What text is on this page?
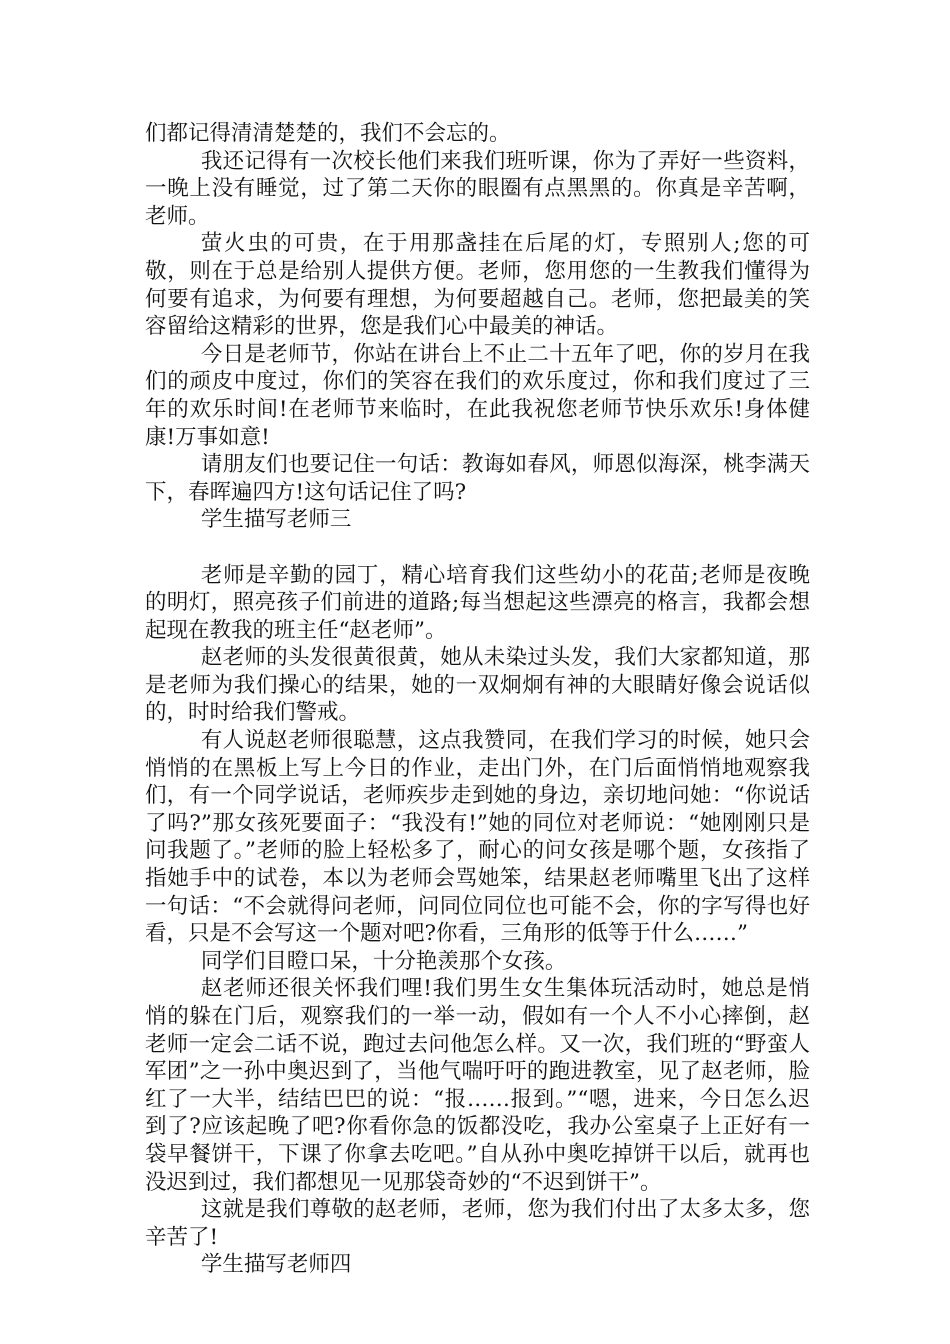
们都记得清清楚楚的，我们不会忘的。

我还记得有一次校长他们来我们班听课，你为了弄好一些资料，一晚上没有睡觉，过了第二天你的眼圈有点黑黑的。你真是辛苦啊，老师。

萤火虫的可贵，在于用那盏挂在后尾的灯，专照别人;您的可敬，则在于总是给别人提供方便。老师，您用您的一生教我们懂得为何要有追求，为何要有理想，为何要超越自己。老师，您把最美的笑容留给这精彩的世界，您是我们心中最美的神话。

今日是老师节，你站在讲台上不止二十五年了吧，你的岁月在我们的顽皮中度过，你们的笑容在我们的欢乐度过，你和我们度过了三年的欢乐时间!在老师节来临时，在此我祝您老师节快乐欢乐!身体健康!万事如意!

请朋友们也要记住一句话：教诲如春风，师恩似海深，桃李满天下，春晖遍四方!这句话记住了吗?

学生描写老师三

老师是辛勤的园丁，精心培育我们这些幼小的花苗;老师是夜晚的明灯，照亮孩子们前进的道路;每当想起这些漂亮的格言，我都会想起现在教我的班主任“赵老师”。

赵老师的头发很黄很黄，她从未染过头发，我们大家都知道，那是老师为我们操心的结果，她的一双炯炯有神的大眼睛好像会说话似的，时时给我们警戒。

有人说赵老师很聪慧，这点我赞同，在我们学习的时候，她只会悄悄的在黑板上写上今日的作业，走出门外，在门后面悄悄地观察我们，有一个同学说话，老师疾步走到她的身边，亲切地问她：“你说话了吗?”那女孩死要面子：“我没有!”她的同位对老师说：“她刚刚只是问我题了。”老师的脸上轻松多了，耐心的问女孩是哪个题，女孩指了指她手中的试卷，本以为老师会骂她笨，结果赵老师嘴里飞出了这样一句话：“不会就得问老师，问同位同位也可能不会，你的字写得也好看，只是不会写这一个题对吧?你看，三角形的低等于什么……”

同学们目瞪口呆，十分艳羡那个女孩。

赵老师还很关怀我们哩!我们男生女生集体玩活动时，她总是悄悄的躲在门后，观察我们的一举一动，假如有一个人不小心摔倒，赵老师一定会二话不说，跑过去问他怎么样。又一次，我们班的“野蛮人军团”之一孙中奥迟到了，当他气喘吁吁的跑进教室，见了赵老师，脸红了一大半，结结巴巴的说：“报……报到。”“嗯，进来，今日怎么迟到了?应该起晚了吧?你看你急的饭都没吃，我办公室桌子上正好有一袋早餐饼干，下课了你拿去吃吧。”自从孙中奥吃掉饼干以后，就再也没迟到过，我们都想见一见那袋奇妙的“不迟到饼干”。

这就是我们尊敬的赵老师，老师，您为我们付出了太多太多，您辛苦了!

学生描写老师四
